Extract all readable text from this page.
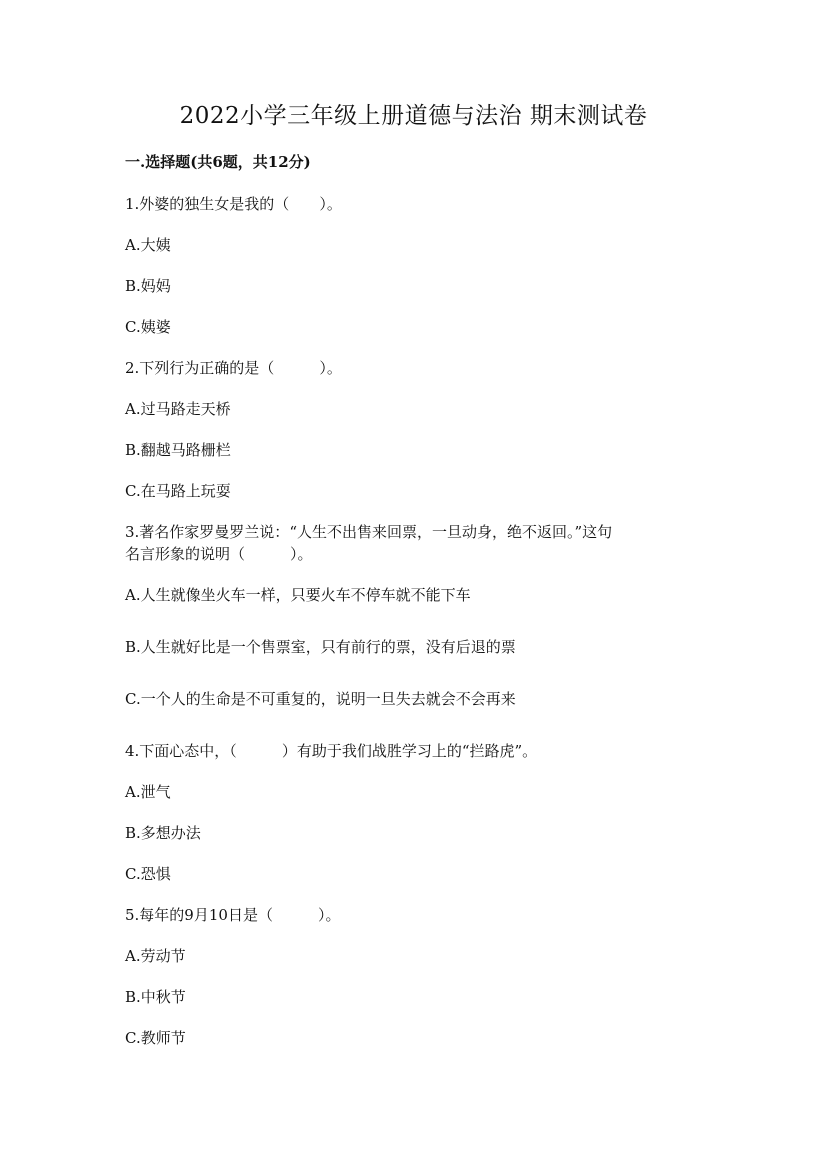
2022小学三年级上册道德与法治 期末测试卷
一.选择题(共6题，共12分)
1.外婆的独生女是我的（　　）。
A.大姨
B.妈妈
C.姨婆
2.下列行为正确的是（　　　）。
A.过马路走天桥
B.翻越马路栅栏
C.在马路上玩耍
3.著名作家罗曼罗兰说：“人生不出售来回票，一旦动身，绝不返回。”这句
名言形象的说明（　　　）。
A.人生就像坐火车一样，只要火车不停车就不能下车
B.人生就好比是一个售票室，只有前行的票，没有后退的票
C.一个人的生命是不可重复的，说明一旦失去就会不会再来
4.下面心态中，（　　　）有助于我们战胜学习上的“拦路虎”。
A.泄气
B.多想办法
C.恐惧
5.每年的9月10日是（　　　）。
A.劳动节
B.中秋节
C.教师节
